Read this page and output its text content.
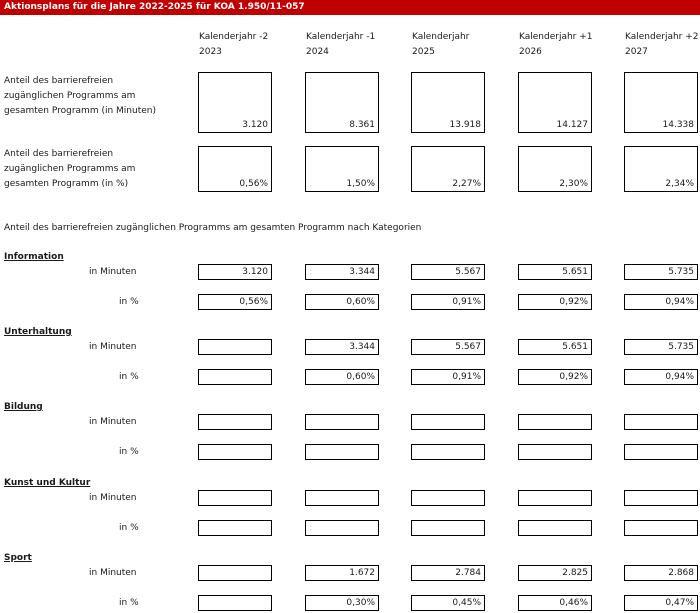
Aktionsplans für die Jahre 2022-2025 für KOA 1.950/11-057
Kalenderjahr -2
2023
Kalenderjahr -1
2024
Kalenderjahr
2025
Kalenderjahr +1
2026
Kalenderjahr +2
2027
Anteil des barrierefreien zugänglichen Programms am gesamten Programm (in Minuten)
Anteil des barrierefreien zugänglichen Programms am gesamten Programm (in %)
3.120
0,56%
8.361
1,50%
13.918
2,27%
14.127
2,30%
14.338
2,34%
Anteil des barrierefreien zugänglichen Programms am gesamten Programm nach Kategorien
Information
in Minuten
in %
3.120
0,56%
3.344
0,60%
5.567
0,91%
5.651
0,92%
5.735
0,94%
Unterhaltung
in Minuten
in %
3.344
0,60%
5.567
0,91%
5.651
0,92%
5.735
0,94%
Bildung
in Minuten
in %
Kunst und Kultur
in Minuten
in %
Sport
in Minuten
in %
1.672
0,30%
2.784
0,45%
2.825
0,46%
2.868
0,47%
